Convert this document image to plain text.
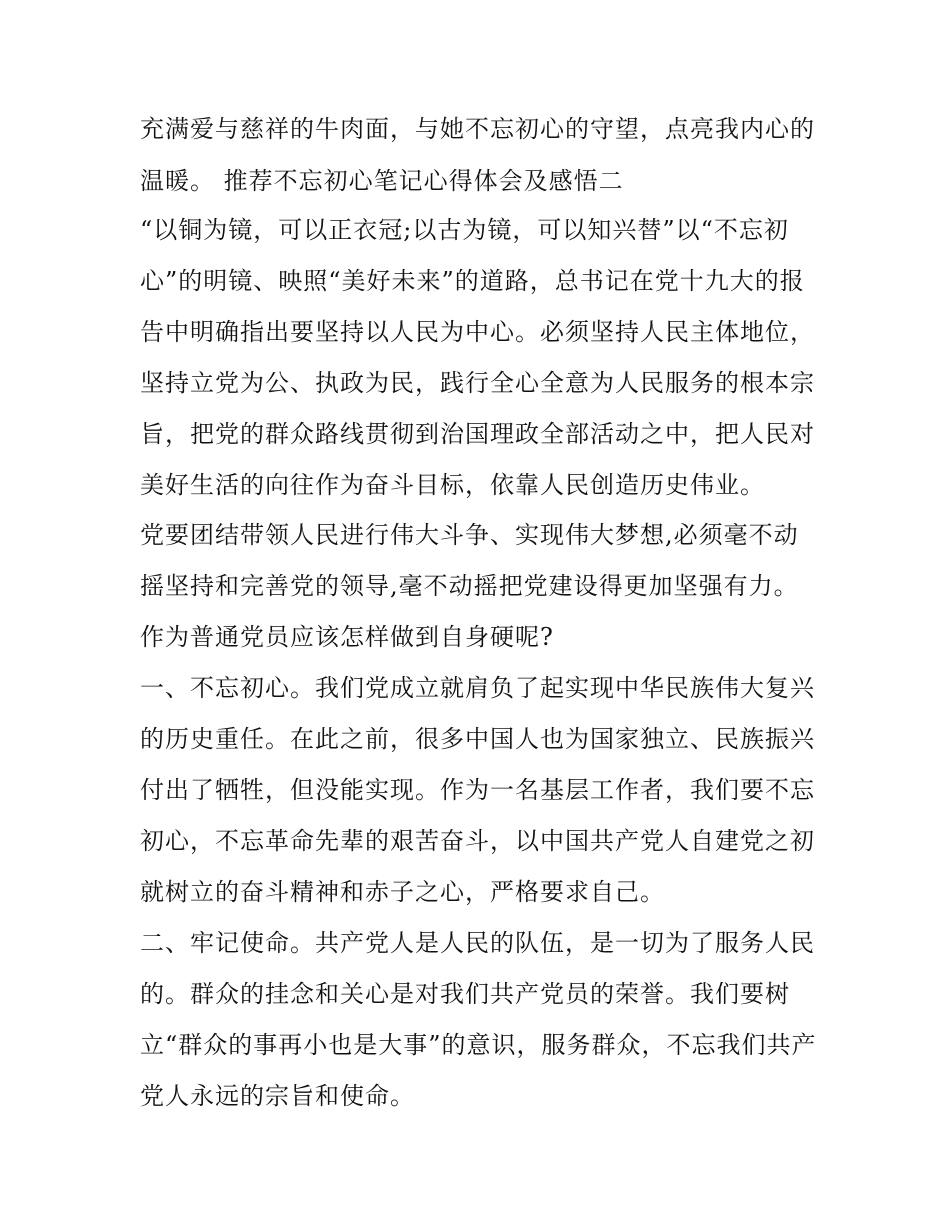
充满爱与慈祥的牛肉面，与她不忘初心的守望，点亮我内心的

温暖。 推荐不忘初心笔记心得体会及感悟二

“以铜为镜，可以正衣冠;以古为镜，可以知兴替”以“不忘初

心”的明镜、映照“美好未来”的道路，总书记在党十九大的报

告中明确指出要坚持以人民为中心。必须坚持人民主体地位，

坚持立党为公、执政为民，践行全心全意为人民服务的根本宗

旨，把党的群众路线贯彻到治国理政全部活动之中，把人民对

美好生活的向往作为奋斗目标，依靠人民创造历史伟业。

党要团结带领人民进行伟大斗争、实现伟大梦想,必须毫不动

摇坚持和完善党的领导,毫不动摇把党建设得更加坚强有力。

作为普通党员应该怎样做到自身硬呢?

一、不忘初心。我们党成立就肩负了起实现中华民族伟大复兴

的历史重任。在此之前，很多中国人也为国家独立、民族振兴

付出了牺牲，但没能实现。作为一名基层工作者，我们要不忘

初心，不忘革命先辈的艰苦奋斗，以中国共产党人自建党之初

就树立的奋斗精神和赤子之心，严格要求自己。

二、牢记使命。共产党人是人民的队伍，是一切为了服务人民

的。群众的挂念和关心是对我们共产党员的荣誉。我们要树

立“群众的事再小也是大事”的意识，服务群众，不忘我们共产

党人永远的宗旨和使命。
